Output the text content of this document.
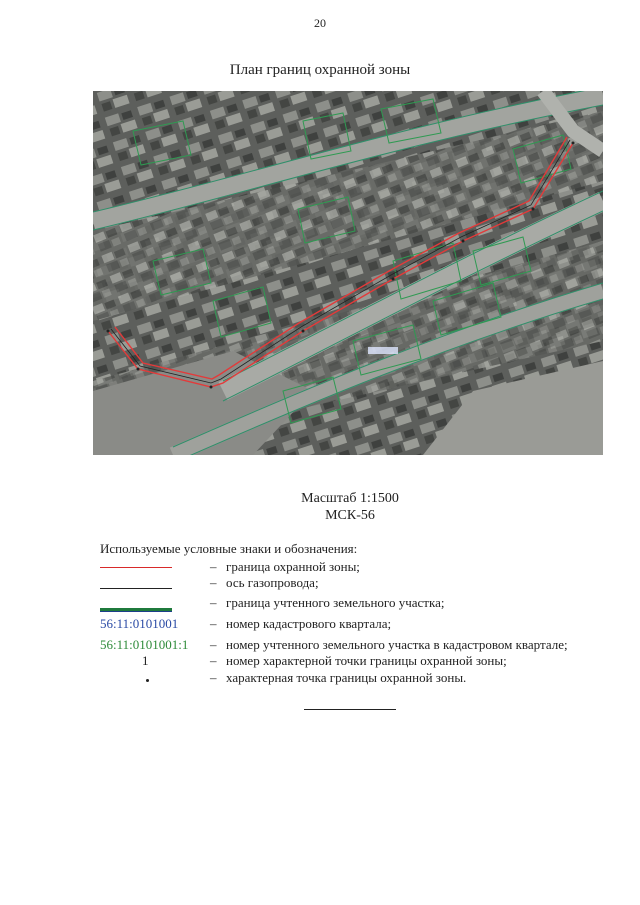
20
План границ охранной зоны
Масштаб 1:1500
МСК-56
Используемые условные знаки и обозначения:
– граница охранной зоны;
– ось газопровода;
– граница учтенного земельного участка;
56:11:0101001 – номер кадастрового квартала;
56:11:0101001:1 – номер учтенного земельного участка в кадастровом квартале;
1	– номер характерной точки границы охранной зоны;
– характерная точка границы охранной зоны.
